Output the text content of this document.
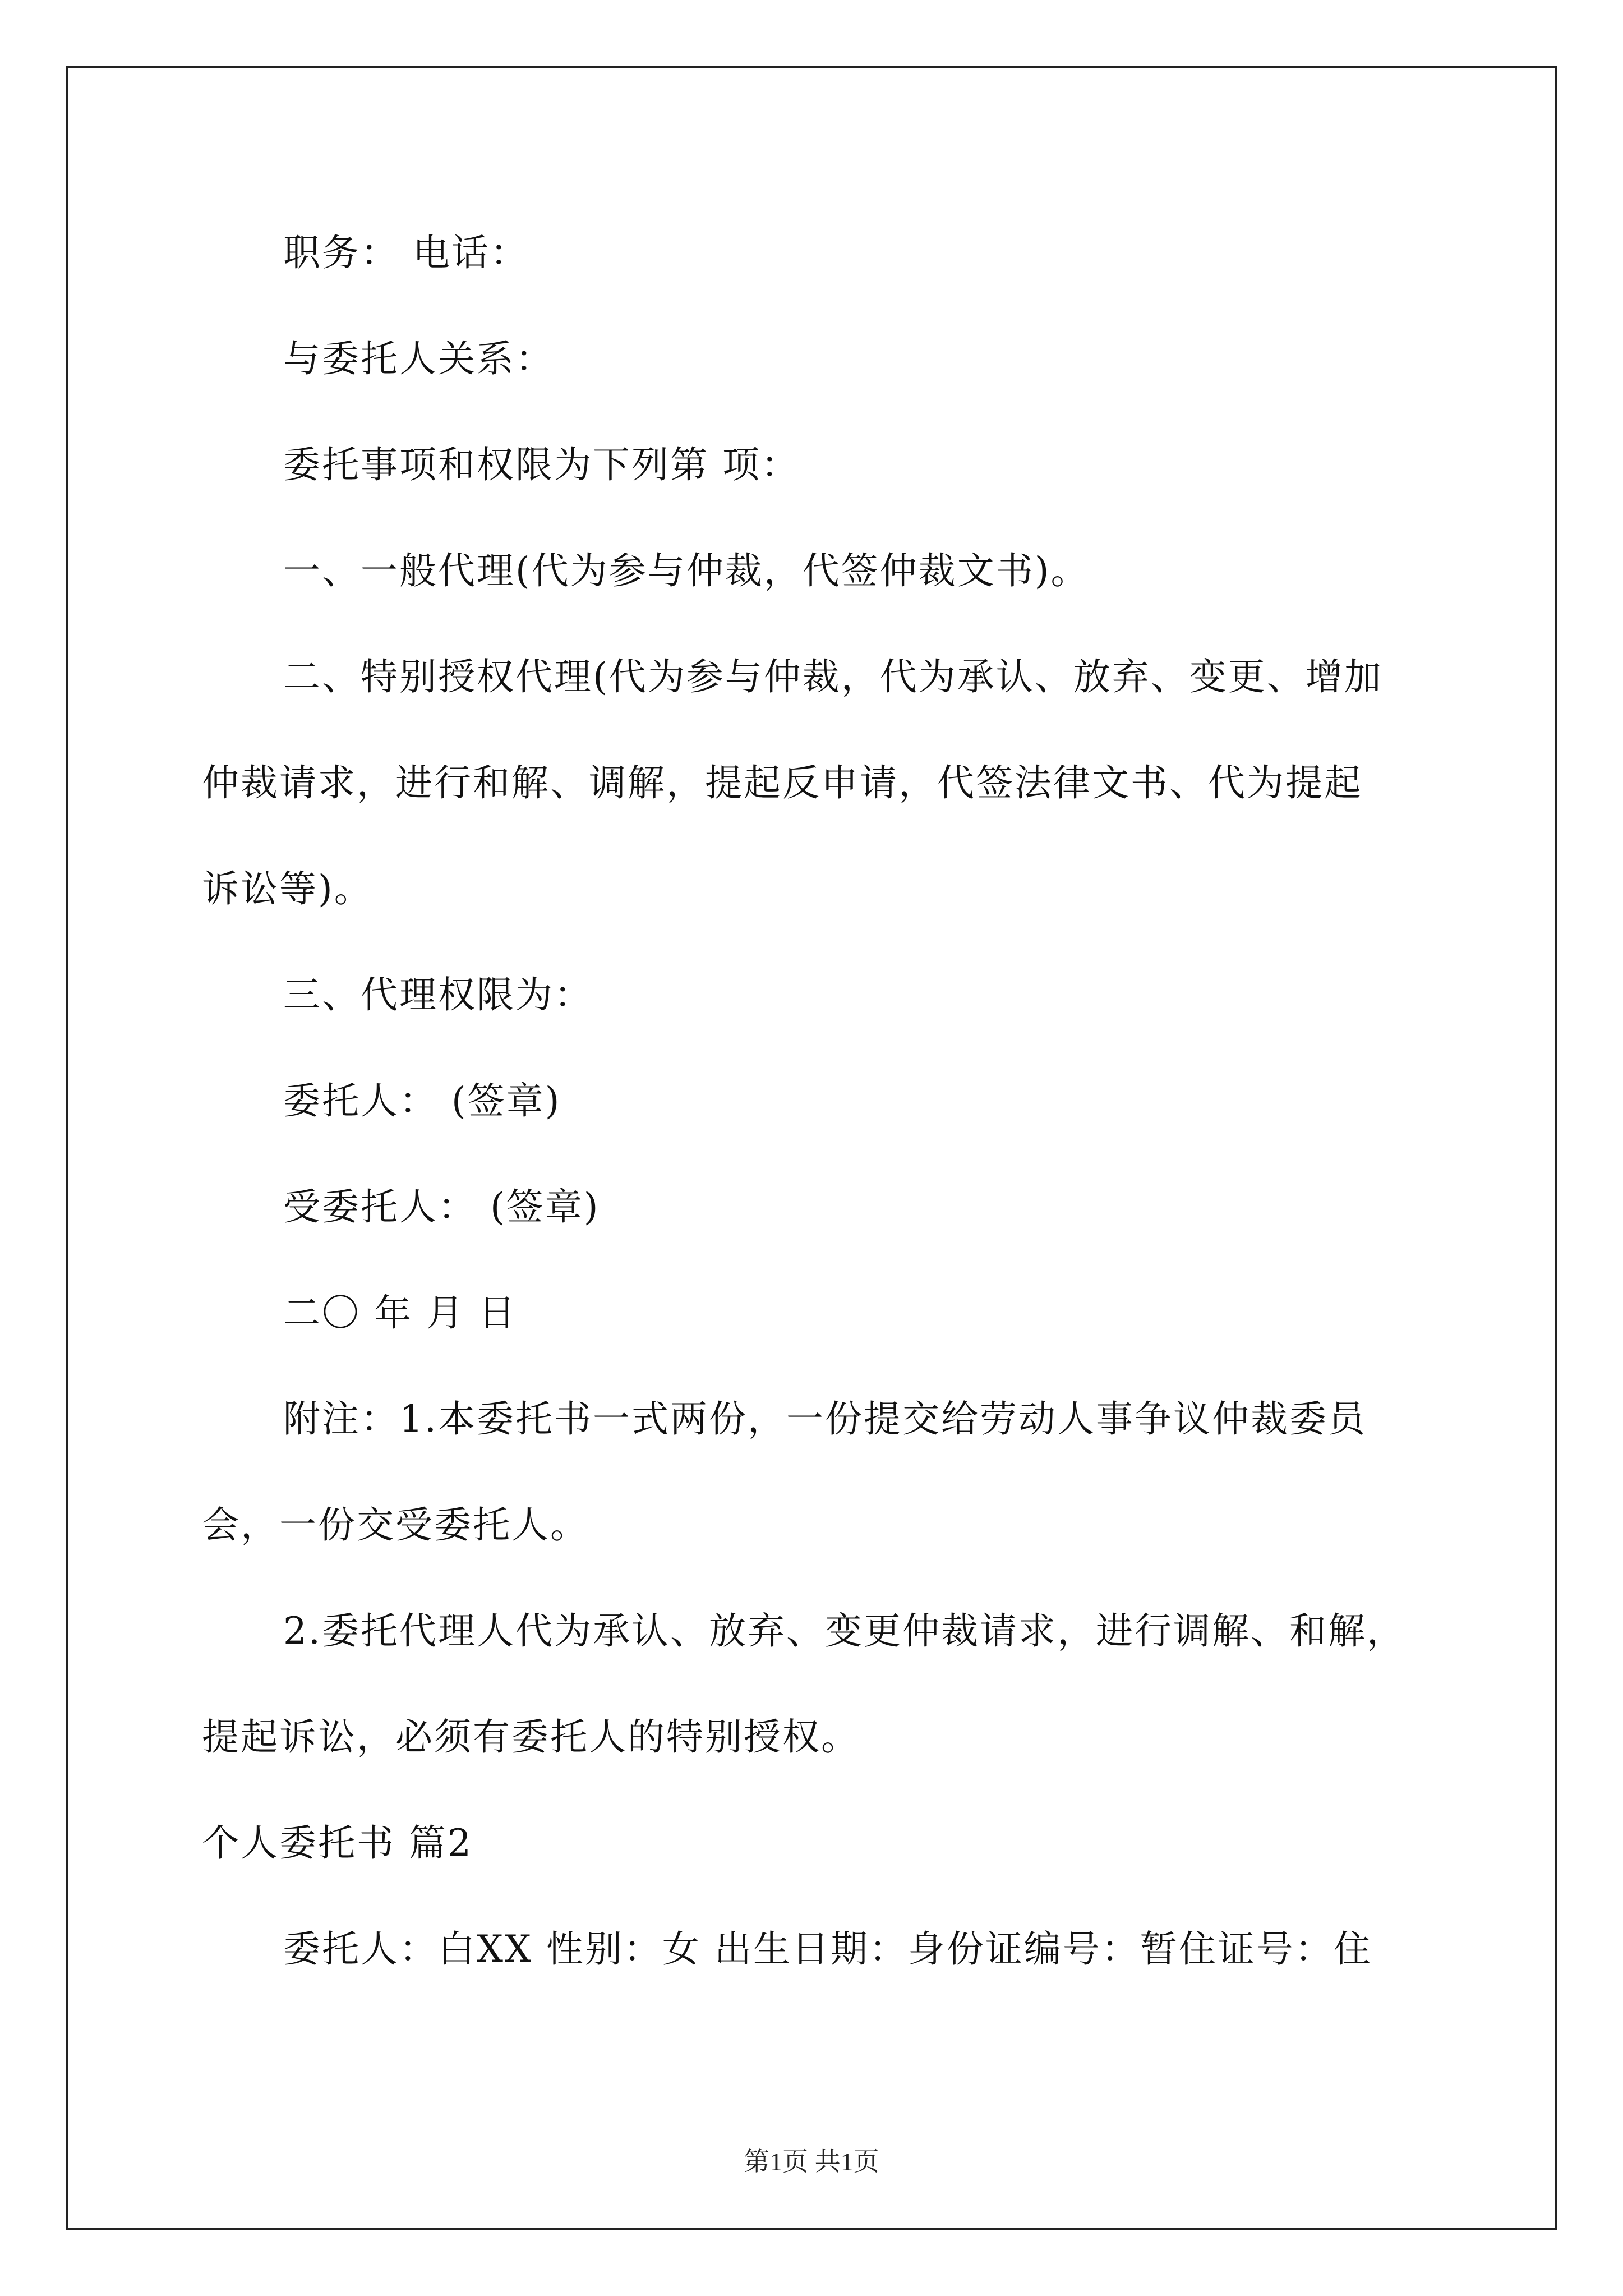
职务： 电话：
与委托人关系：
委托事项和权限为下列第 项：
一、一般代理(代为参与仲裁，代签仲裁文书)。
二、特别授权代理(代为参与仲裁，代为承认、放弃、变更、增加
仲裁请求，进行和解、调解，提起反申请，代签法律文书、代为提起
诉讼等)。
三、代理权限为：
委托人： (签章)
受委托人： (签章)
二〇 年 月 日
附注：1.本委托书一式两份，一份提交给劳动人事争议仲裁委员
会，一份交受委托人。
2.委托代理人代为承认、放弃、变更仲裁请求，进行调解、和解，
提起诉讼，必须有委托人的特别授权。
个人委托书 篇2
委托人：白XX 性别：女 出生日期：身份证编号：暂住证号：住
第1页 共1页
